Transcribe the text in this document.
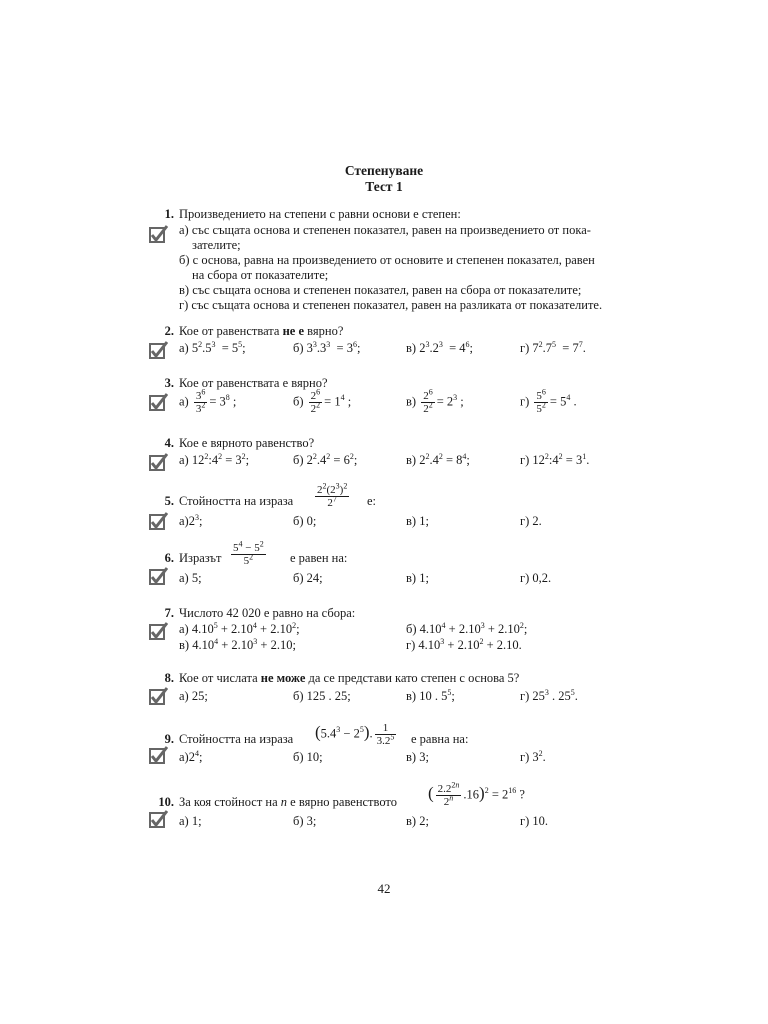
Степенуване
Тест 1
1. Произведението на степени с равни основи е степен:
а) със същата основа и степенен показател, равен на произведението от пока-
зателите;
б) с основа, равна на произведението от основите и степенен показател, равен
на сбора от показателите;
в) със същата основа и степенен показател, равен на сбора от показателите;
г) със същата основа и степенен показател, равен на разликата от показателите.
2. Кое от равенствата не е вярно?
а) $5^2.5^3 = 5^5$;	б) $3^3.3^3 = 3^6$;	в) $2^3.2^3 = 4^6$;	г) $7^2.7^5 = 7^7$.
3. Кое от равенствата е вярно?
$а) \frac{3^6}{3^2} = 3^8$ ;	$б) \frac{2^6}{2^2} = 1^4$ ;	$в) \frac{2^6}{2^2} = 2^3$ ;	$г) \frac{5^6}{5^2} = 5^4$ .
4. Кое е вярното равенство?
а) $12^2:4^2 = 3^2$;	б) $2^2.4^2 = 6^2$;	в) $2^2.4^2 = 8^4$;	г) $12^2:4^2 = 3^1$.
5. Стойността на израза $\frac{2^2(2^3)^2}{2^7} е$:
$а)2^3$;	б) 0;	в) 1;	г) 2.
6. Изразът $\frac{5^4 - 5^2}{5^2}$ е равен на:
а) 5;	б) 24;	в) 1;	г) 0,2.
7. Числото 42 020 е равно на сбора:
а) $4.10^5 + 2.10^4 + 2.10^2$;	б) $4.10^4 + 2.10^3 + 2.10^2$;
в) $4.10^4 + 2.10^3 + 2.10$;	г) $4.10^3 + 2.10^2 + 2.10$.
8. Кое от числата не може да се представи като степен с основа 5?
а) 25;	б) 125 . 25;	в) 10 . $5^5$;	г) $25^3$ . $25^5$.
9. Стойността на израза $(5.4^3 - 2^5)$. $\frac{1}{3.2^5}$ е равна на:
$а)2^4$;	б) 10;	в) 3;	г) $3^2$.
10. За коя стойност на n е вярно равенството ( $\frac{2.2^{2n}}{2^n} .16)^2 = 2^{16}$ ?
а) 1;	б) 3;	в) 2;	г) 10.
42
